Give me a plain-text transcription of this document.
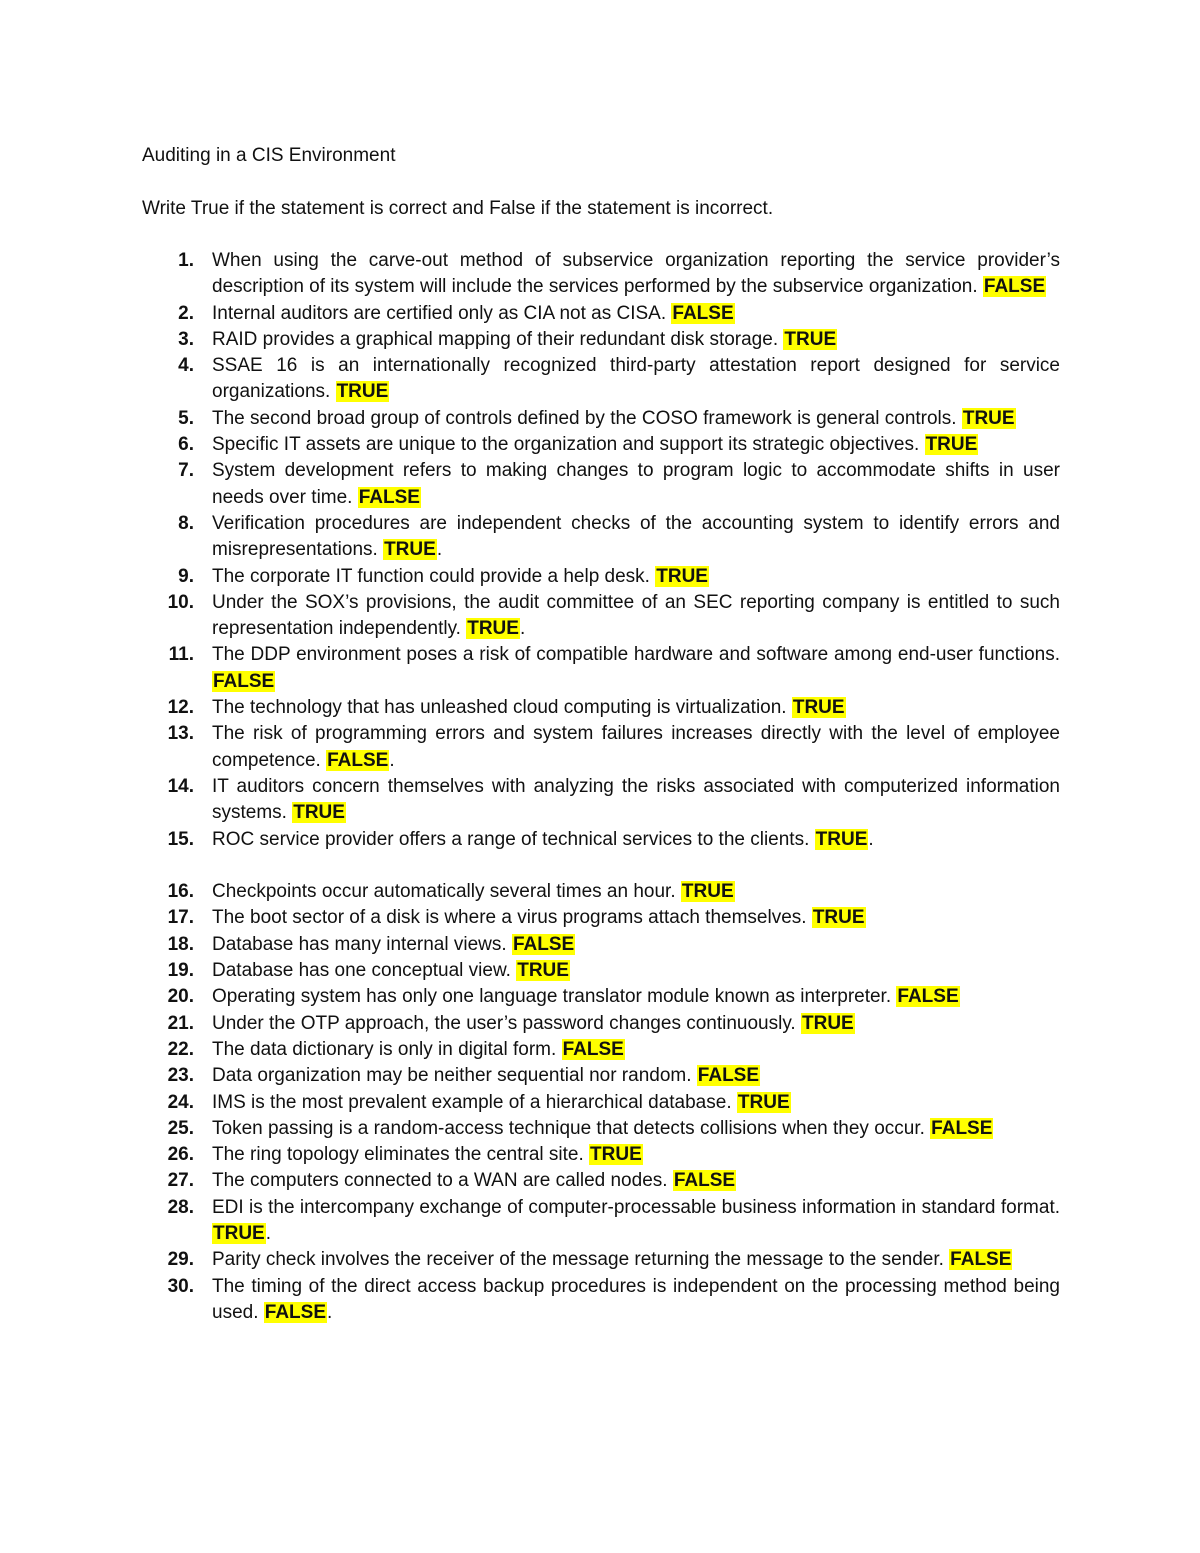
Auditing in a CIS Environment
Write True if the statement is correct and False if the statement is incorrect.
1. When using the carve-out method of subservice organization reporting the service provider’s description of its system will include the services performed by the subservice organization. FALSE
2. Internal auditors are certified only as CIA not as CISA. FALSE
3. RAID provides a graphical mapping of their redundant disk storage. TRUE
4. SSAE 16 is an internationally recognized third-party attestation report designed for service organizations. TRUE
5. The second broad group of controls defined by the COSO framework is general controls. TRUE
6. Specific IT assets are unique to the organization and support its strategic objectives. TRUE
7. System development refers to making changes to program logic to accommodate shifts in user needs over time. FALSE
8. Verification procedures are independent checks of the accounting system to identify errors and misrepresentations. TRUE.
9. The corporate IT function could provide a help desk. TRUE
10. Under the SOX’s provisions, the audit committee of an SEC reporting company is entitled to such representation independently. TRUE.
11. The DDP environment poses a risk of compatible hardware and software among end-user functions. FALSE
12. The technology that has unleashed cloud computing is virtualization. TRUE
13. The risk of programming errors and system failures increases directly with the level of employee competence. FALSE.
14. IT auditors concern themselves with analyzing the risks associated with computerized information systems. TRUE
15. ROC service provider offers a range of technical services to the clients. TRUE.
16. Checkpoints occur automatically several times an hour. TRUE
17. The boot sector of a disk is where a virus programs attach themselves. TRUE
18. Database has many internal views. FALSE
19. Database has one conceptual view. TRUE
20. Operating system has only one language translator module known as interpreter. FALSE
21. Under the OTP approach, the user’s password changes continuously. TRUE
22. The data dictionary is only in digital form. FALSE
23. Data organization may be neither sequential nor random. FALSE
24. IMS is the most prevalent example of a hierarchical database. TRUE
25. Token passing is a random-access technique that detects collisions when they occur. FALSE
26. The ring topology eliminates the central site. TRUE
27. The computers connected to a WAN are called nodes. FALSE
28. EDI is the intercompany exchange of computer-processable business information in standard format. TRUE.
29. Parity check involves the receiver of the message returning the message to the sender. FALSE
30. The timing of the direct access backup procedures is independent on the processing method being used. FALSE.
